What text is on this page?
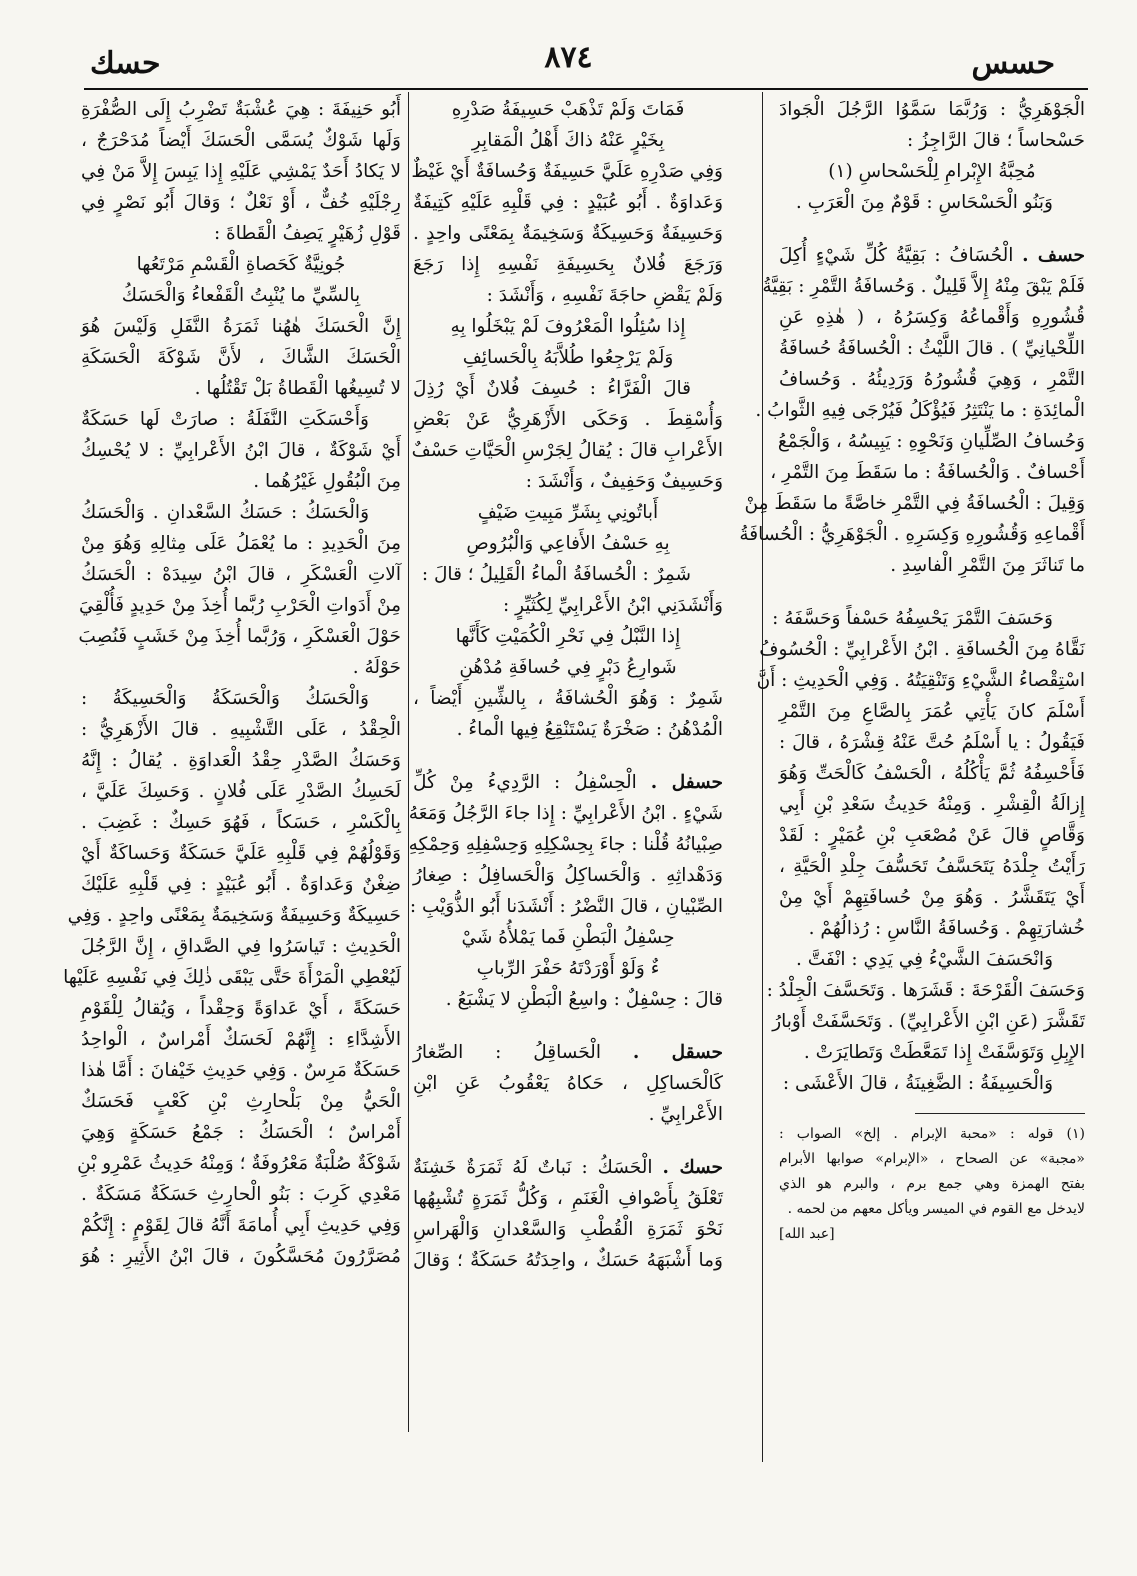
حسس
٨٧٤
حسك
الْجَوْهَرِيُّ : وَرُبَّمَا سَمَّوُا الرَّجُلَ الْجَوادَ
حَسْحاساً ؛ قالَ الرَّاجِزُ :
مُحِبَّةُ الإِبْرامِ لِلْحَسْحاسِ (١)
وَبَنُو الْحَسْحَاسِ : قَوْمٌ مِنَ الْعَرَبِ .
حسف . الْحُسَافُ : بَقِيَّةُ كُلِّ شَيْءٍ أُكِلَ
فَلَمْ يَبْقَ مِنْهُ إِلاَّ قَلِيلٌ . وَحُسافَةُ التَّمْرِ : بَقِيَّةُ
قُشُورِهِ وَأَقْماعُهُ وَكِسَرُهُ ، ( هٰذِهِ عَنِ
اللِّحْيانِيِّ ) . قالَ اللَّيْثُ : الْحُسافَةُ حُسافَةُ
التَّمْرِ ، وَهِيَ قُشُورُهُ وَرَدِيئُهُ . وَحُسافُ
الْمائِدَةِ : ما يَنْتَثِرُ فَيُؤْكَلُ فَيُرْجَى فِيهِ الثَّوابُ .
وَحُسافُ الصِّلِّيانِ وَنَحْوِهِ : يَبِيسُهُ ، وَالْجَمْعُ
أَحْسافٌ . وَالْحُسافَةُ : ما سَقَطَ مِنَ التَّمْرِ ،
وَقِيلَ : الْحُسافَةُ فِي التَّمْرِ خاصَّةً ما سَقَطَ مِنْ
أَقْماعِهِ وَقُشُورِهِ وَكِسَرِهِ . الْجَوْهَرِيُّ : الْحُسافَةُ
ما تَناثَرَ مِنَ التَّمْرِ الْفاسِدِ .
وَحَسَفَ التَّمْرَ يَحْسِفُهُ حَسْفاً وَحَسَّفَهُ :
نَقَّاهُ مِنَ الْحُسافَةِ . ابْنُ الأَعْرابِيِّ : الْحُسُوفُ
اسْتِقْصاءُ الشَّيْءِ وَتَنْقِيَتُهُ . وَفِي الْحَدِيثِ : أَنَّ
أَسْلَمَ كانَ يَأْتِي عُمَرَ بِالصَّاعِ مِنَ التَّمْرِ
فَيَقُولُ : يا أَسْلَمُ حُتَّ عَنْهُ قِشْرَهُ ، قالَ :
فَأَحْسِفُهُ ثُمَّ يَأْكُلُهُ ، الْحَسْفُ كَالْحَتِّ وَهُوَ
إِزالَةُ الْقِشْرِ . وَمِنْهُ حَدِيثُ سَعْدِ بْنِ أَبِي
وَقَّاصٍ قالَ عَنْ مُصْعَبِ بْنِ عُمَيْرٍ : لَقَدْ
رَأَيْتُ جِلْدَهُ يَتَحَسَّفُ تَحَسُّفَ جِلْدِ الْحَيَّةِ ،
أَيْ يَتَقَشَّرُ . وَهُوَ مِنْ حُسافَتِهِمْ أَيْ مِنْ
خُشارَتِهِمْ . وَحُسافَةُ النَّاسِ : رُذالُهُمْ .
وَانْحَسَفَ الشَّيْءُ فِي يَدِي : انْفَتَّ .
وَحَسَفَ الْقَرْحَةَ : قَشَرَها . وَتَحَسَّفَ الْجِلْدُ :
تَقَشَّرَ (عَنِ ابْنِ الأَعْرابِيِّ) . وَتَحَسَّفَتْ أَوْبارُ
الإِبِلِ وَتَوَسَّفَتْ إِذا تَمَعَّطَتْ وَتَطايَرَتْ .
وَالْحَسِيفَةُ : الضَّغِينَةُ ، قالَ الأَعْشَى :
(١) قوله : «محبة الإبرام . إلخ» الصواب :
«مجبة» عن الصحاح ، «الإبرام» صوابها الأبرام
بفتح الهمزة وهي جمع برم ، والبرم هو الذي
لايدخل مع القوم في الميسر ويأكل معهم من لحمه .
[عبد الله]
فَمَاتَ وَلَمْ تَذْهَبْ حَسِيفَةُ صَدْرِهِ
بِخَيْرٍ عَنْهُ ذاكَ أَهْلُ الْمَقابِرِ
وَفِي صَدْرِهِ عَلَيَّ حَسِيفَةٌ وَحُسافَةٌ أَيْ غَيْظٌ
وَعَداوَةٌ . أَبُو عُبَيْدٍ : فِي قَلْبِهِ عَلَيْهِ كَتِيفَةٌ
وَحَسِيفَةٌ وَحَسِيكَةٌ وَسَخِيمَةٌ بِمَعْنًى واحِدٍ .
وَرَجَعَ فُلانٌ بِحَسِيفَةِ نَفْسِهِ إِذا رَجَعَ
وَلَمْ يَقْضِ حاجَةَ نَفْسِهِ ، وَأَنْشَدَ :
إِذا سُئِلُوا الْمَعْرُوفَ لَمْ يَبْخَلُوا بِهِ
وَلَمْ يَرْجِعُوا طُلاَّبَهُ بِالْحَسائِفِ
قالَ الْفَرَّاءُ : حُسِفَ فُلانٌ أَيْ رُذِلَ
وَأُسْقِطَ . وَحَكَى الأَزْهَرِيُّ عَنْ بَعْضِ
الأَعْرابِ قالَ : يُقالُ لِجَرْسِ الْحَيَّاتِ حَسْفٌ
وَحَسِيفٌ وَحَفِيفٌ ، وَأَنْشَدَ :
أَباتُونِي بِشَرِّ مَبِيتِ ضَيْفٍ
بِهِ حَسْفُ الأَفاعِي وَالْبُرُوصِ
شَمِرٌ : الْحُسافَةُ الْماءُ الْقَلِيلُ ؛ قالَ :
وَأَنْشَدَنِي ابْنُ الأَعْرابِيِّ لِكُثَيِّرٍ :
إِذا النَّبْلُ فِي نَحْرِ الْكُمَيْتِ كَأَنَّها
شَوارِعُ دَبْرٍ فِي حُسافَةِ مُدْهُنِ
شَمِرٌ : وَهُوَ الْحُشافَةُ ، بِالشِّينِ أَيْضاً ،
الْمُدْهُنُ : صَخْرَةٌ يَسْتَنْقِعُ فِيها الْماءُ .
حسفل . الْحِسْفِلُ : الرَّدِيءُ مِنْ كُلِّ
شَيْءٍ . ابْنُ الأَعْرابِيِّ : إِذا جاءَ الرَّجُلُ وَمَعَهُ
صِبْيانُهُ قُلْنا : جاءَ بِحِسْكِلِهِ وَحِسْفِلِهِ وَحِمْكِهِ
وَدَهْداثِهِ . وَالْحَساكِلُ وَالْحَسافِلُ : صِغارُ
الصِّبْيانِ ، قالَ النَّضْرُ : أَنْشَدَنا أَبُو الذُّوَيْبِ :
حِسْفِلُ الْبَطْنِ فَما يَمْلأُهُ شَيْ
ءٌ وَلَوْ أَوْرَدْتَهُ حَفْرَ الرِّبابِ
قالَ : حِسْفِلٌ : واسِعُ الْبَطْنِ لا يَشْبَعُ .
حسقل . الْحَساقِلُ : الصِّغارُ
كَالْحَساكِلِ ، حَكاهُ يَعْقُوبُ عَنِ ابْنِ
الأَعْرابِيِّ .
حسك . الْحَسَكُ : نَباتٌ لَهُ ثَمَرَةٌ خَشِنَةٌ
تَعْلَقُ بِأَصْوافِ الْغَنَمِ ، وَكُلُّ ثَمَرَةٍ تُشْبِهُها
نَحْوَ ثَمَرَةِ الْقُطْبِ وَالسَّعْدانِ وَالْهَراسِ
وَما أَشْبَهَهُ حَسَكٌ ، واحِدَتُهُ حَسَكَةٌ ؛ وَقالَ
أَبُو حَنِيفَةَ : هِيَ عُشْبَةٌ تَضْرِبُ إِلَى الصُّفْرَةِ
وَلَها شَوْكٌ يُسَمَّى الْحَسَكَ أَيْضاً مُدَحْرَجٌ ،
لا يَكادُ أَحَدٌ يَمْشِي عَلَيْهِ إِذا يَبِسَ إِلاَّ مَنْ فِي
رِجْلَيْهِ خُفٌّ ، أَوْ نَعْلٌ ؛ وَقالَ أَبُو نَصْرٍ فِي
قَوْلِ زُهَيْرٍ يَصِفُ الْقَطاةَ :
جُونِيَّةٌ كَحَصاةِ الْقَسْمِ مَرْتَعُها
بِالسِّيِّ ما يُنْبِتُ الْقَفْعاءُ وَالْحَسَكُ
إِنَّ الْحَسَكَ هٰهُنا ثَمَرَةُ النَّفَلِ وَلَيْسَ هُوَ
الْحَسَكَ الشَّاكَ ، لأَنَّ شَوْكَةَ الْحَسَكَةِ
لا تُسِيغُها الْقَطاةُ بَلْ تَقْتُلُها .
وَأَحْسَكَتِ النَّفَلَةُ : صارَتْ لَها حَسَكَةٌ
أَيْ شَوْكَةٌ ، قالَ ابْنُ الأَعْرابِيِّ : لا يُحْسِكُ
مِنَ الْبُقُولِ غَيْرُهُما .
وَالْحَسَكُ : حَسَكُ السَّعْدانِ . وَالْحَسَكُ
مِنَ الْحَدِيدِ : ما يُعْمَلُ عَلَى مِثالِهِ وَهُوَ مِنْ
آلاتِ الْعَسْكَرِ ، قالَ ابْنُ سِيدَهْ : الْحَسَكُ
مِنْ أَدَواتِ الْحَرْبِ رُبَّما أُخِذَ مِنْ حَدِيدٍ فَأُلْقِيَ
حَوْلَ الْعَسْكَرِ ، وَرُبَّما أُخِذَ مِنْ خَشَبٍ فَنُصِبَ
حَوْلَهُ .
وَالْحَسَكُ وَالْحَسَكَةُ وَالْحَسِيكَةُ :
الْحِقْدُ ، عَلَى التَّشْبِيهِ . قالَ الأَزْهَرِيُّ :
وَحَسَكُ الصَّدْرِ حِقْدُ الْعَداوَةِ . يُقالُ : إِنَّهُ
لَحَسِكُ الصَّدْرِ عَلَى فُلانٍ . وَحَسِكَ عَلَيَّ ،
بِالْكَسْرِ ، حَسَكاً ، فَهُوَ حَسِكٌ : غَضِبَ .
وَقَوْلُهُمْ فِي قَلْبِهِ عَلَيَّ حَسَكَةٌ وَحَساكَةٌ أَيْ
ضِغْنٌ وَعَداوَةٌ . أَبُو عُبَيْدٍ : فِي قَلْبِهِ عَلَيْكَ
حَسِيكَةٌ وَحَسِيفَةٌ وَسَخِيمَةٌ بِمَعْنًى واحِدٍ . وَفِي
الْحَدِيثِ : تَياسَرُوا فِي الصَّداقِ ، إِنَّ الرَّجُلَ
لَيُعْطِي الْمَرْأَةَ حَتَّى يَبْقَى ذٰلِكَ فِي نَفْسِهِ عَلَيْها
حَسَكَةً ، أَيْ عَداوَةً وَحِقْداً ، وَيُقالُ لِلْقَوْمِ
الأَشِدَّاءِ : إِنَّهُمْ لَحَسَكٌ أَمْراسٌ ، الْواحِدُ
حَسَكَةٌ مَرِسٌ . وَفِي حَدِيثِ خَيْفانَ : أَمَّا هٰذا
الْحَيُّ مِنْ بَلْحارِثِ بْنِ كَعْبٍ فَحَسَكٌ
أَمْراسٌ ؛ الْحَسَكُ : جَمْعُ حَسَكَةٍ وَهِيَ
شَوْكَةٌ صُلْبَةٌ مَعْرُوفَةٌ ؛ وَمِنْهُ حَدِيثُ عَمْرِو بْنِ
مَعْدِي كَرِبَ : بَنُو الْحارِثِ حَسَكَةٌ مَسَكَةٌ .
وَفِي حَدِيثِ أَبِي أُمامَةَ أَنَّهُ قالَ لِقَوْمٍ : إِنَّكُمْ
مُصَرَّرُونَ مُحَسَّكُونَ ، قالَ ابْنُ الأَثِيرِ : هُوَ
